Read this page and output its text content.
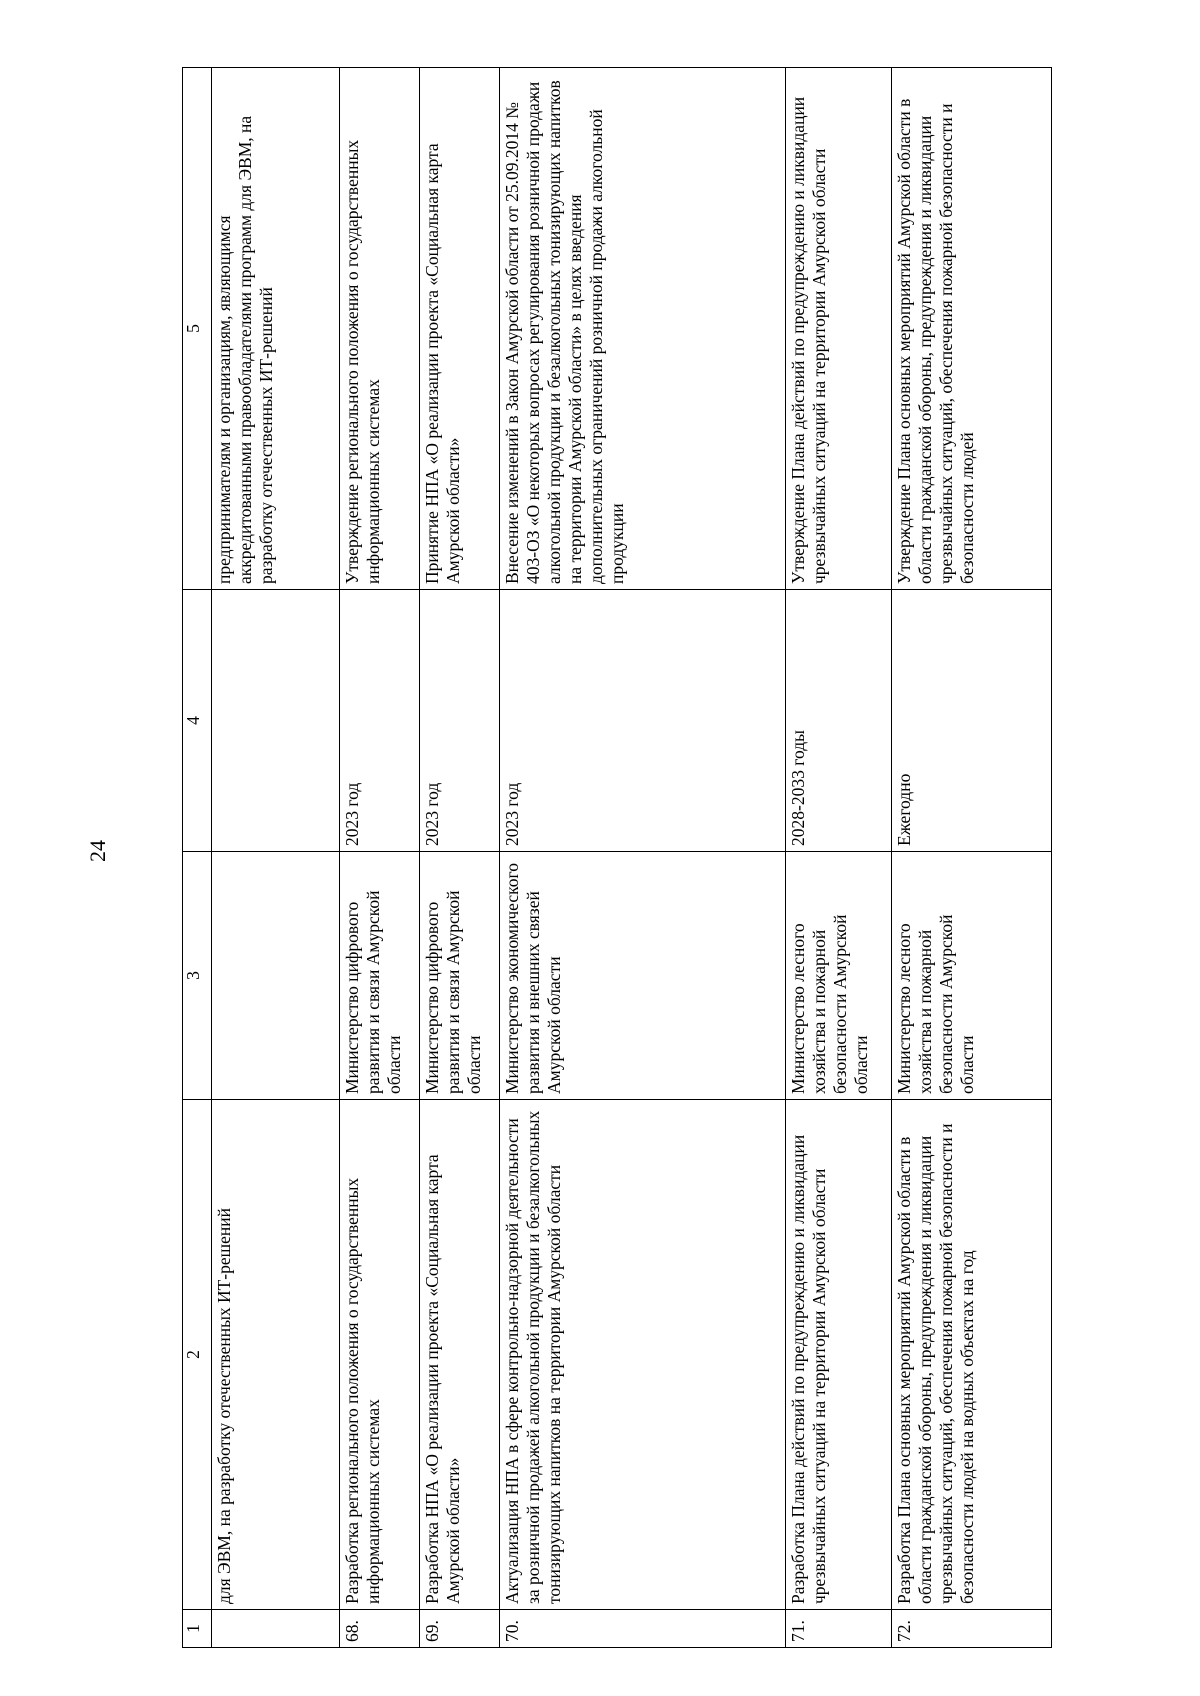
24
1	2	3	4	5
	для ЭВМ, на разработку отечественных ИТ-решений			предпринимателям и организациям, являющимся аккредитованными правообладателями программ для ЭВМ, на разработку отечественных ИТ-решений
68.	Разработка регионального положения о государственных информационных системах	Министерство цифрового развития и связи Амурской области	2023 год	Утверждение регионального положения о государственных информационных системах
69.	Разработка НПА «О реализации проекта «Социальная карта Амурской области»	Министерство цифрового развития и связи Амурской области	2023 год	Принятие НПА «О реализации проекта «Социальная карта Амурской области»
70.	Актуализация НПА в сфере контрольно-надзорной деятельности за розничной продажей алкогольной продукции и безалкогольных тонизирующих напитков на территории Амурской области	Министерство экономического развития и внешних связей Амурской области	2023 год	Внесение изменений в Закон Амурской области от 25.09.2014 № 403-ОЗ «О некоторых вопросах регулирования розничной продажи алкогольной продукции и безалкогольных тонизирующих напитков на территории Амурской области» в целях введения дополнительных ограничений розничной продажи алкогольной продукции
71.	Разработка Плана действий по предупреждению и ликвидации чрезвычайных ситуаций на территории Амурской области	Министерство лесного хозяйства и пожарной безопасности Амурской области	2028-2033 годы	Утверждение Плана действий по предупреждению и ликвидации чрезвычайных ситуаций на территории Амурской области
72.	Разработка Плана основных мероприятий Амурской области в области гражданской обороны, предупреждения и ликвидации чрезвычайных ситуаций, обеспечения пожарной безопасности и безопасности людей на водных объектах на год	Министерство лесного хозяйства и пожарной безопасности Амурской области	Ежегодно	Утверждение Плана основных мероприятий Амурской области в области гражданской обороны, предупреждения и ликвидации чрезвычайных ситуаций, обеспечения пожарной безопасности и безопасности людей
